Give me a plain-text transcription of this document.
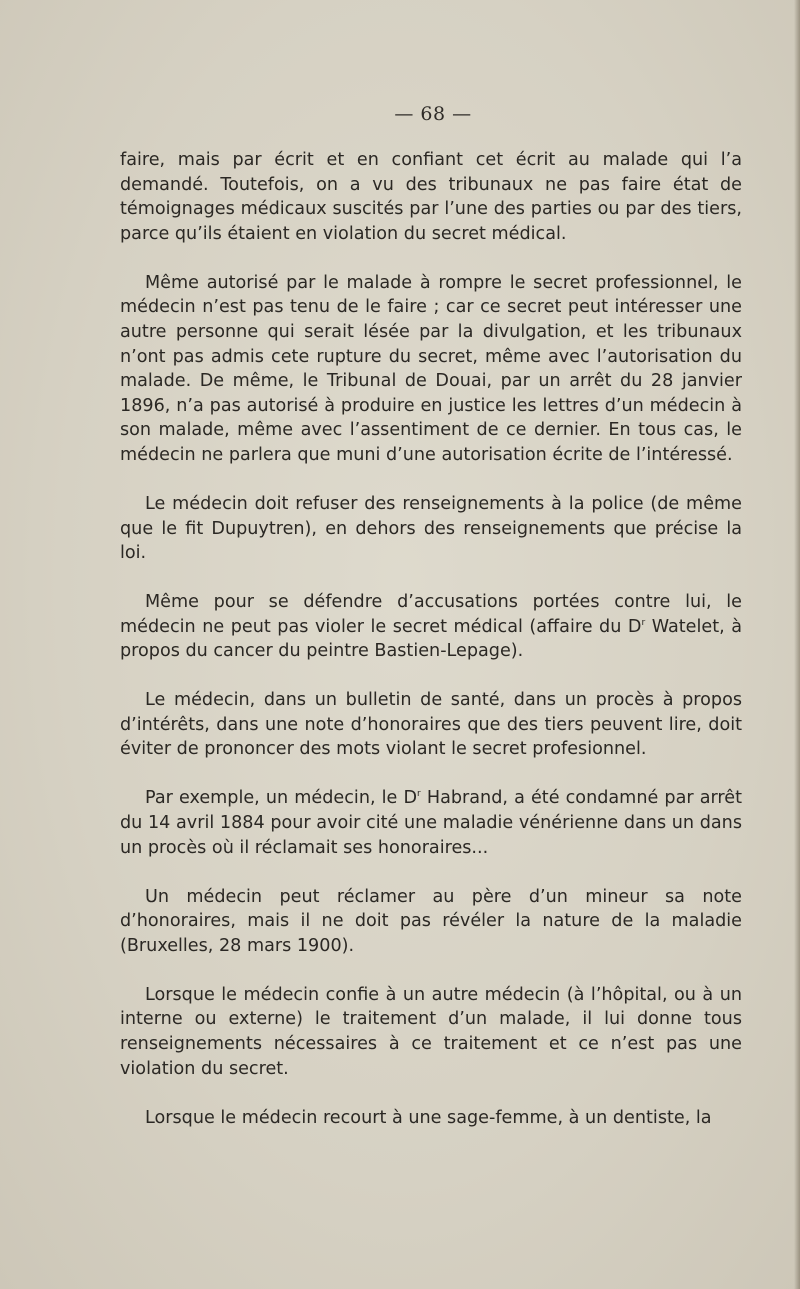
— 68 —

faire, mais par écrit et en confiant cet écrit au malade qui l’a demandé. Toutefois, on a vu des tribunaux ne pas faire état de témoignages médicaux suscités par l’une des parties ou par des tiers, parce qu’ils étaient en violation du secret médical.

Même autorisé par le malade à rompre le secret professionnel, le médecin n’est pas tenu de le faire ; car ce secret peut intéresser une autre personne qui serait lésée par la divulgation, et les tribunaux n’ont pas admis cete rupture du secret, même avec l’autorisation du malade. De même, le Tribunal de Douai, par un arrêt du 28 janvier 1896, n’a pas autorisé à produire en justice les lettres d’un médecin à son malade, même avec l’assentiment de ce dernier. En tous cas, le médecin ne parlera que muni d’une autorisation écrite de l’intéressé.

Le médecin doit refuser des renseignements à la police (de même que le fit Dupuytren), en dehors des renseignements que précise la loi.

Même pour se défendre d’accusations portées contre lui, le médecin ne peut pas violer le secret médical (affaire du $D^r$ Watelet, à propos du cancer du peintre Bastien-Lepage).

Le médecin, dans un bulletin de santé, dans un procès à propos d’intérêts, dans une note d’honoraires que des tiers peuvent lire, doit éviter de prononcer des mots violant le secret profesionnel.

Par exemple, un médecin, le $D^r$ Habrand, a été condamné par arrêt du 14 avril 1884 pour avoir cité une maladie vénérienne dans un dans un procès où il réclamait ses honoraires...

Un médecin peut réclamer au père d’un mineur sa note d’honoraires, mais il ne doit pas révéler la nature de la maladie (Bruxelles, 28 mars 1900).

Lorsque le médecin confie à un autre médecin (à l’hôpital, ou à un interne ou externe) le traitement d’un malade, il lui donne tous renseignements nécessaires à ce traitement et ce n’est pas une violation du secret.

Lorsque le médecin recourt à une sage-femme, à un dentiste, la
